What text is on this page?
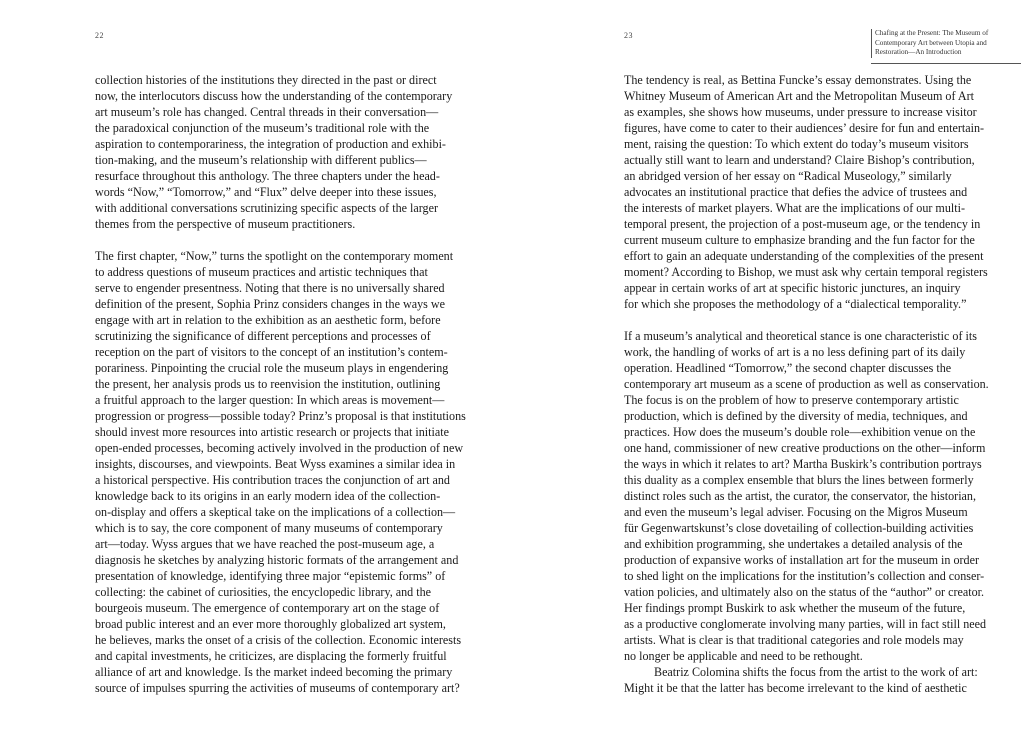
22
collection histories of the institutions they directed in the past or direct
now, the interlocutors discuss how the understanding of the contemporary
art museum’s role has changed. Central threads in their conversation—
the paradoxical conjunction of the museum’s traditional role with the
aspiration to contemporariness, the integration of production and exhibi-
tion-making, and the museum’s relationship with different publics—
resurface throughout this anthology. The three chapters under the head-
words “Now,” “Tomorrow,” and “Flux” delve deeper into these issues,
with additional conversations scrutinizing specific aspects of the larger
themes from the perspective of museum practitioners.
The first chapter, “Now,” turns the spotlight on the contemporary moment
to address questions of museum practices and artistic techniques that
serve to engender presentness. Noting that there is no universally shared
definition of the present, Sophia Prinz considers changes in the ways we
engage with art in relation to the exhibition as an aesthetic form, before
scrutinizing the significance of different perceptions and processes of
reception on the part of visitors to the concept of an institution’s contem-
porariness. Pinpointing the crucial role the museum plays in engendering
the present, her analysis prods us to reenvision the institution, outlining
a fruitful approach to the larger question: In which areas is movement—
progression or progress—possible today? Prinz’s proposal is that institutions
should invest more resources into artistic research or projects that initiate
open-ended processes, becoming actively involved in the production of new
insights, discourses, and viewpoints. Beat Wyss examines a similar idea in
a historical perspective. His contribution traces the conjunction of art and
knowledge back to its origins in an early modern idea of the collection-
on-display and offers a skeptical take on the implications of a collection—
which is to say, the core component of many museums of contemporary
art—today. Wyss argues that we have reached the post-museum age, a
diagnosis he sketches by analyzing historic formats of the arrangement and
presentation of knowledge, identifying three major “epistemic forms” of
collecting: the cabinet of curiosities, the encyclopedic library, and the
bourgeois museum. The emergence of contemporary art on the stage of
broad public interest and an ever more thoroughly globalized art system,
he believes, marks the onset of a crisis of the collection. Economic interests
and capital investments, he criticizes, are displacing the formerly fruitful
alliance of art and knowledge. Is the market indeed becoming the primary
source of impulses spurring the activities of museums of contemporary art?
23	Chafing at the Present: The Museum of Contemporary Art between Utopia and Restoration—An Introduction
The tendency is real, as Bettina Funcke’s essay demonstrates. Using the
Whitney Museum of American Art and the Metropolitan Museum of Art
as examples, she shows how museums, under pressure to increase visitor
figures, have come to cater to their audiences’ desire for fun and entertain-
ment, raising the question: To which extent do today’s museum visitors
actually still want to learn and understand? Claire Bishop’s contribution,
an abridged version of her essay on “Radical Museology,” similarly
advocates an institutional practice that defies the advice of trustees and
the interests of market players. What are the implications of our multi-
temporal present, the projection of a post-museum age, or the tendency in
current museum culture to emphasize branding and the fun factor for the
effort to gain an adequate understanding of the complexities of the present
moment? According to Bishop, we must ask why certain temporal registers
appear in certain works of art at specific historic junctures, an inquiry
for which she proposes the methodology of a “dialectical temporality.”
If a museum’s analytical and theoretical stance is one characteristic of its
work, the handling of works of art is a no less defining part of its daily
operation. Headlined “Tomorrow,” the second chapter discusses the
contemporary art museum as a scene of production as well as conservation.
The focus is on the problem of how to preserve contemporary artistic
production, which is defined by the diversity of media, techniques, and
practices. How does the museum’s double role—exhibition venue on the
one hand, commissioner of new creative productions on the other—inform
the ways in which it relates to art? Martha Buskirk’s contribution portrays
this duality as a complex ensemble that blurs the lines between formerly
distinct roles such as the artist, the curator, the conservator, the historian,
and even the museum’s legal adviser. Focusing on the Migros Museum
für Gegenwartskunst’s close dovetailing of collection-building activities
and exhibition programming, she undertakes a detailed analysis of the
production of expansive works of installation art for the museum in order
to shed light on the implications for the institution’s collection and conser-
vation policies, and ultimately also on the status of the “author” or creator.
Her findings prompt Buskirk to ask whether the museum of the future,
as a productive conglomerate involving many parties, will in fact still need
artists. What is clear is that traditional categories and role models may
no longer be applicable and need to be rethought.
Beatriz Colomina shifts the focus from the artist to the work of art:
Might it be that the latter has become irrelevant to the kind of aesthetic
